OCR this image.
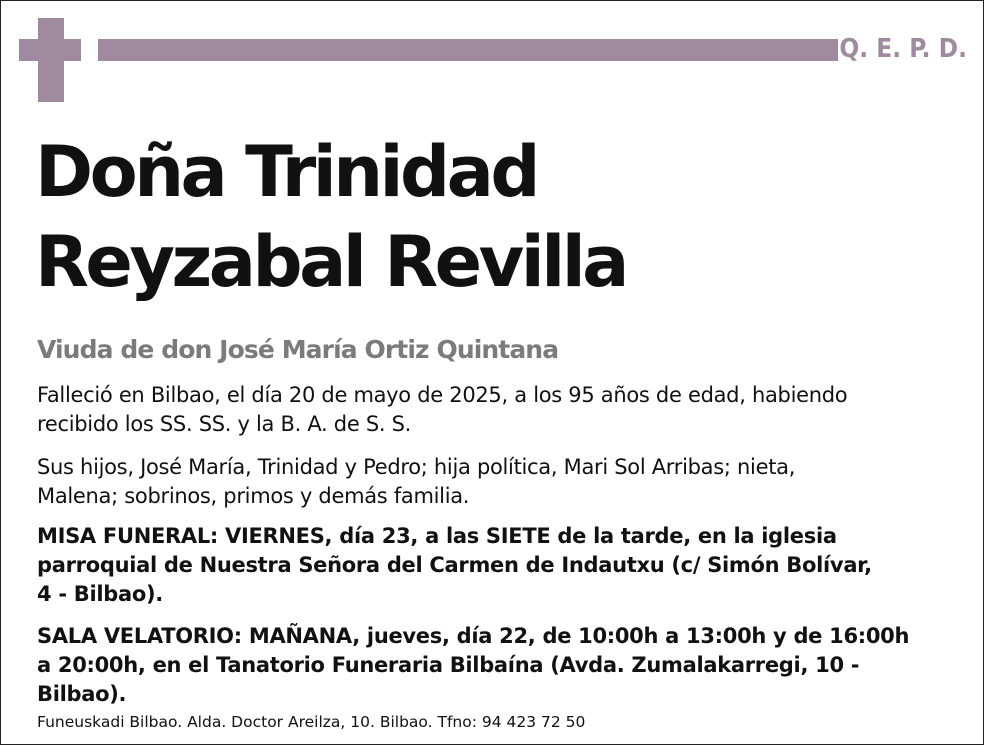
Q. E. P. D.
Doña Trinidad
Reyzabal Revilla
Viuda de don José María Ortiz Quintana
Falleció en Bilbao, el día 20 de mayo de 2025, a los 95 años de edad, habiendo
recibido los SS. SS. y la B. A. de S. S.
Sus hijos, José María, Trinidad y Pedro; hija política, Mari Sol Arribas; nieta,
Malena; sobrinos, primos y demás familia.
MISA FUNERAL: VIERNES, día 23, a las SIETE de la tarde, en la iglesia
parroquial de Nuestra Señora del Carmen de Indautxu (c/ Simón Bolívar,
4 - Bilbao).
SALA VELATORIO: MAÑANA, jueves, día 22, de 10:00h a 13:00h y de 16:00h
a 20:00h, en el Tanatorio Funeraria Bilbaína (Avda. Zumalakarregi, 10 -
Bilbao).
Funeuskadi Bilbao. Alda. Doctor Areilza, 10. Bilbao. Tfno: 94 423 72 50
